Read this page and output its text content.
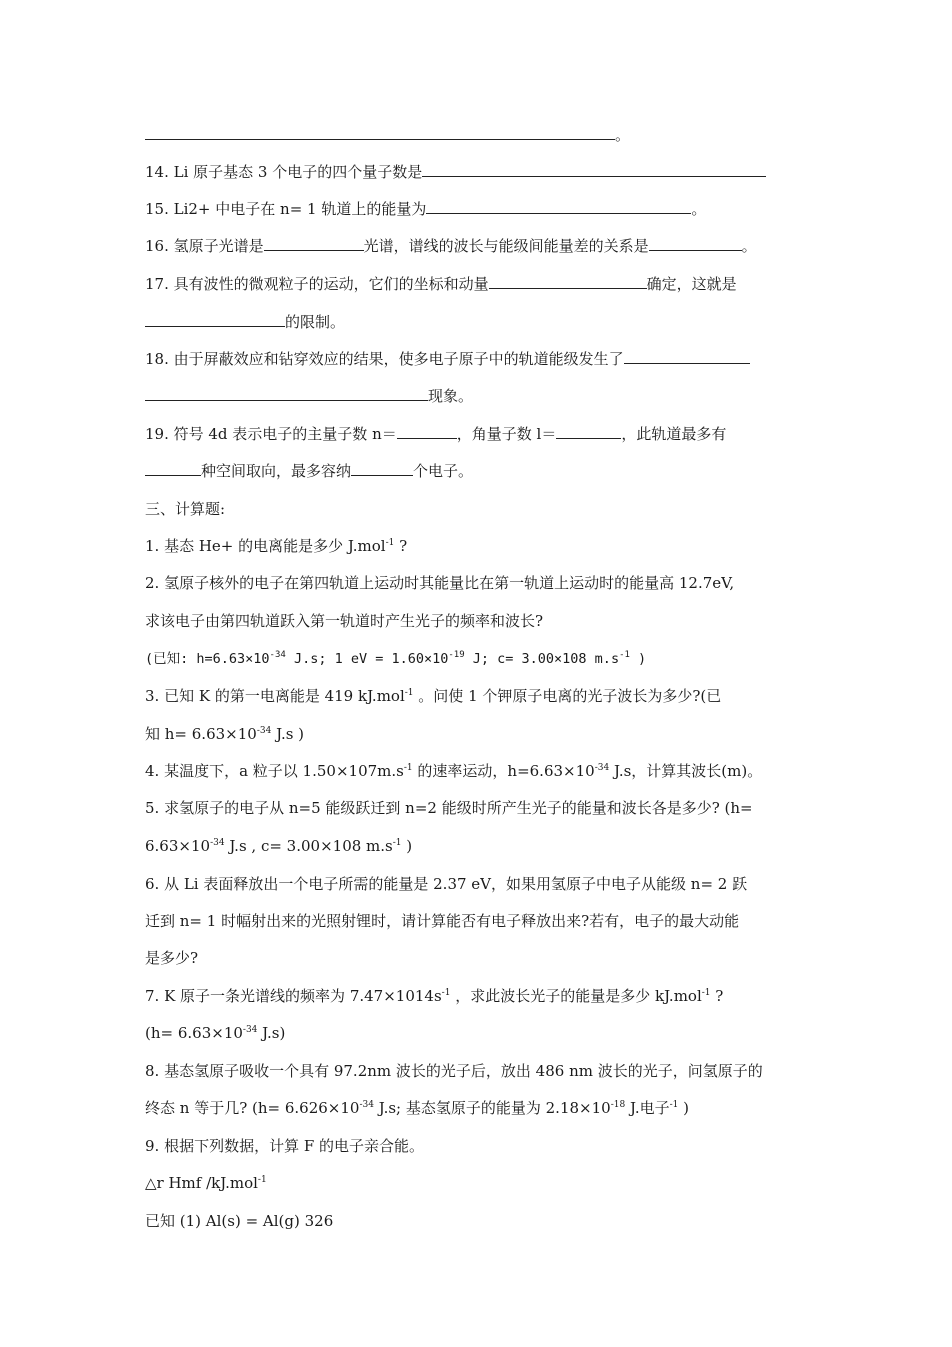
。
14. Li 原子基态 3 个电子的四个量子数是
15. Li2+ 中电子在 n= 1 轨道上的能量为	。
16. 氢原子光谱是	光谱，谱线的波长与能级间能量差的关系是	。
17. 具有波性的微观粒子的运动，它们的坐标和动量	确定，这就是
的限制。
18. 由于屏蔽效应和钻穿效应的结果，使多电子原子中的轨道能级发生了
现象。
19. 符号 4d 表示电子的主量子数 n＝	，角量子数 l＝	，此轨道最多有
种空间取向，最多容纳	个电子。
三、计算题:
1. 基态 He+ 的电离能是多少 J.mol$^{-1}$ ?
2. 氢原子核外的电子在第四轨道上运动时其能量比在第一轨道上运动时的能量高 12.7eV,
求该电子由第四轨道跃入第一轨道时产生光子的频率和波长?
(已知: $h=6.63\times 10^{-34}$ J.s; 1 eV = $1.60\times 10^{-19}$ J; c= 3.00×108 $m.s^{-1}$ )
3. 已知 K 的第一电离能是 419 kJ.mol$^{-1}$ 。问使 1 个钾原子电离的光子波长为多少?(已
知 $h= 6.63\times 10^{-34}$ J.s )
4. 某温度下，a 粒子以 $1.50\times 107m.s^{-1}$ 的速率运动，$h=6.63\times 10^{-34}$ J.s，计算其波长(m)。
5. 求氢原子的电子从 n=5 能级跃迁到 n=2 能级时所产生光子的能量和波长各是多少? (h=
$6.63\times 10^{-34}$ J.s , c= 3.00×108 $m.s^{-1}$ )
6. 从 Li 表面释放出一个电子所需的能量是 2.37 eV，如果用氢原子中电子从能级 n= 2 跃
迁到 n= 1 时幅射出来的光照射锂时，请计算能否有电子释放出来?若有，电子的最大动能
是多少?
7. K 原子一条光谱线的频率为 $7.47\times 1014s^{-1}$ ，求此波长光子的能量是多少 kJ.mol$^{-1}$ ?
($h= 6.63\times 10^{-34}$ J.s)
8. 基态氢原子吸收一个具有 97.2nm 波长的光子后，放出 486 nm 波长的光子，问氢原子的
终态 n 等于几? ($h= 6.626\times 10^{-34}$ J.s; 基态氢原子的能量为 $2.18\times 10^{-18}$ J.电子$^{-1}$ )
9. 根据下列数据，计算 F 的电子亲合能。
△r Hmf /kJ.mol$^{-1}$
已知 (1) Al(s) = Al(g) 326
